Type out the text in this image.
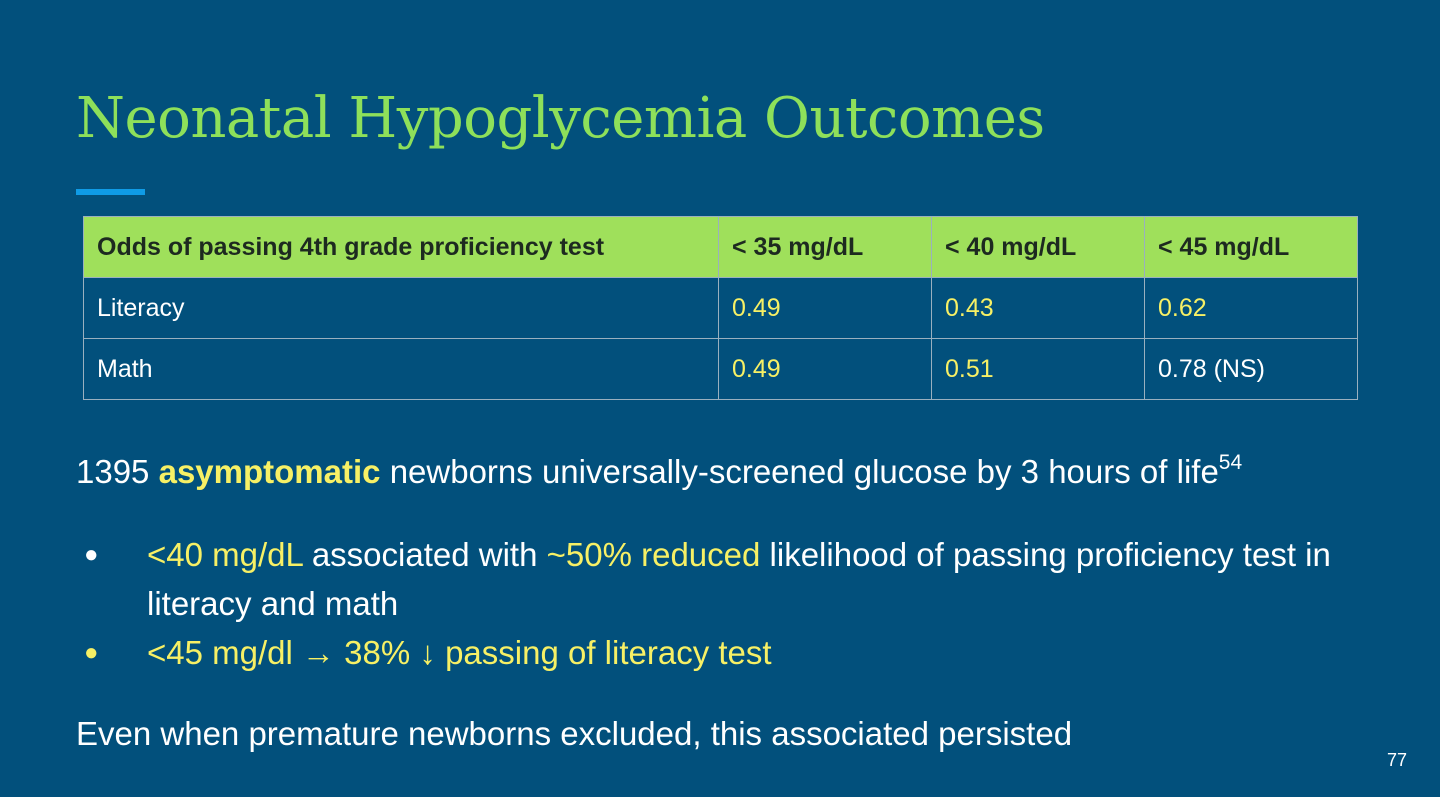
Neonatal Hypoglycemia Outcomes
Odds of passing 4th grade proficiency test	< 35 mg/dL	< 40 mg/dL	< 45 mg/dL
Literacy	0.49	0.43	0.62
Math	0.49	0.51	0.78 (NS)

1395 asymptomatic newborns universally-screened glucose by 3 hours of life$^{54}$

● <40 mg/dL associated with ~50% reduced likelihood of passing proficiency test in literacy and math
● <45 mg/dl → 38% ↓ passing of literacy test

Even when premature newborns excluded, this associated persisted

77
